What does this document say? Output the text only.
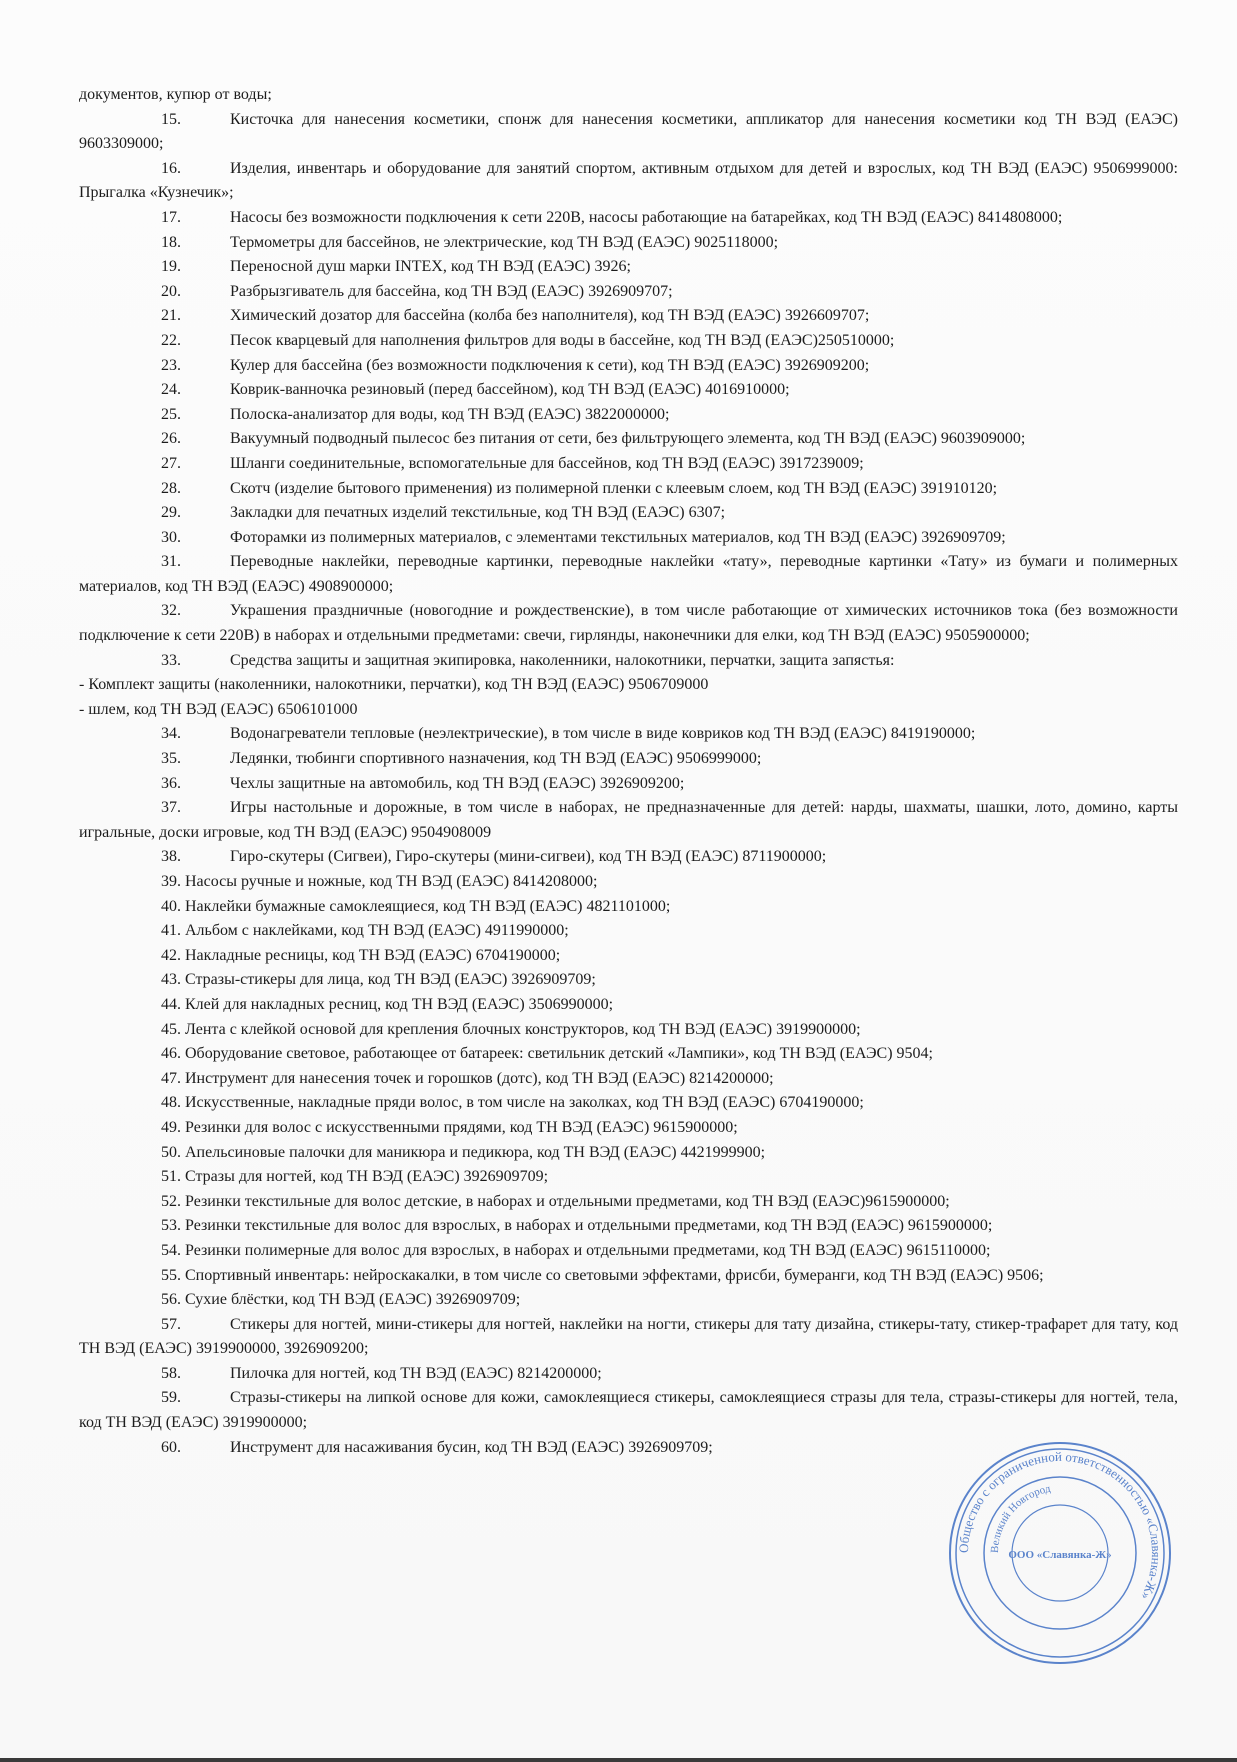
документов, купюр от воды;

15.	Кисточка для нанесения косметики, спонж для нанесения косметики, аппликатор для нанесения косметики код ТН ВЭД (ЕАЭС) 9603309000;

16.	Изделия, инвентарь и оборудование для занятий спортом, активным отдыхом для детей и взрослых, код ТН ВЭД (ЕАЭС) 9506999000: Прыгалка «Кузнечик»;

17.	Насосы без возможности подключения к сети 220В, насосы работающие на батарейках, код ТН ВЭД (ЕАЭС) 8414808000;

18.	Термометры для бассейнов, не электрические, код ТН ВЭД (ЕАЭС) 9025118000;

19.	Переносной душ марки INTEX, код ТН ВЭД (ЕАЭС) 3926;

20.	Разбрызгиватель для бассейна, код ТН ВЭД (ЕАЭС) 3926909707;

21.	Химический дозатор для бассейна (колба без наполнителя), код ТН ВЭД (ЕАЭС) 3926609707;

22.	Песок кварцевый для наполнения фильтров для воды в бассейне, код ТН ВЭД (ЕАЭС)250510000;

23.	Кулер для бассейна (без возможности подключения к сети), код ТН ВЭД (ЕАЭС) 3926909200;

24.	Коврик-ванночка резиновый (перед бассейном), код ТН ВЭД (ЕАЭС) 4016910000;

25.	Полоска-анализатор для воды, код ТН ВЭД (ЕАЭС) 3822000000;

26.	Вакуумный подводный пылесос без питания от сети, без фильтрующего элемента, код ТН ВЭД (ЕАЭС) 9603909000;

27.	Шланги соединительные, вспомогательные для бассейнов, код ТН ВЭД (ЕАЭС) 3917239009;

28.	Скотч (изделие бытового применения) из полимерной пленки с клеевым слоем, код ТН ВЭД (ЕАЭС) 391910120;

29.	Закладки для печатных изделий текстильные, код ТН ВЭД (ЕАЭС) 6307;

30.	Фоторамки из полимерных материалов, с элементами текстильных материалов, код ТН ВЭД (ЕАЭС) 3926909709;

31.	Переводные наклейки, переводные картинки, переводные наклейки «тату», переводные картинки «Тату» из бумаги и полимерных материалов, код ТН ВЭД (ЕАЭС) 4908900000;

32.	Украшения праздничные (новогодние и рождественские), в том числе работающие от химических источников тока (без возможности подключение к сети 220В) в наборах и отдельными предметами: свечи, гирлянды, наконечники для елки, код ТН ВЭД (ЕАЭС) 9505900000;

33.	Средства защиты и защитная экипировка, наколенники, налокотники, перчатки, защита запястья:

- Комплект защиты (наколенники, налокотники, перчатки), код ТН ВЭД (ЕАЭС) 9506709000

- шлем, код ТН ВЭД (ЕАЭС) 6506101000

34.	Водонагреватели тепловые (неэлектрические), в том числе в виде ковриков код ТН ВЭД (ЕАЭС) 8419190000;

35.	Ледянки, тюбинги спортивного назначения, код ТН ВЭД (ЕАЭС) 9506999000;

36.	Чехлы защитные на автомобиль, код ТН ВЭД (ЕАЭС) 3926909200;

37.	Игры настольные и дорожные, в том числе в наборах, не предназначенные для детей: нарды, шахматы, шашки, лото, домино, карты игральные, доски игровые, код ТН ВЭД (ЕАЭС) 9504908009

38.	Гиро-скутеры (Сигвеи), Гиро-скутеры (мини-сигвеи), код ТН ВЭД (ЕАЭС) 8711900000;

39. Насосы ручные и ножные, код ТН ВЭД (ЕАЭС) 8414208000;

40. Наклейки бумажные самоклеящиеся, код ТН ВЭД (ЕАЭС) 4821101000;

41. Альбом с наклейками, код ТН ВЭД (ЕАЭС) 4911990000;

42. Накладные ресницы, код ТН ВЭД (ЕАЭС) 6704190000;

43. Стразы-стикеры для лица, код ТН ВЭД (ЕАЭС) 3926909709;

44. Клей для накладных ресниц, код ТН ВЭД (ЕАЭС) 3506990000;

45. Лента с клейкой основой для крепления блочных конструкторов, код ТН ВЭД (ЕАЭС) 3919900000;

46. Оборудование световое, работающее от батареек: светильник детский «Лампики», код ТН ВЭД (ЕАЭС) 9504;

47. Инструмент для нанесения точек и горошков (дотс), код ТН ВЭД (ЕАЭС) 8214200000;

48. Искусственные, накладные пряди волос, в том числе на заколках, код ТН ВЭД (ЕАЭС) 6704190000;

49. Резинки для волос с искусственными прядями, код ТН ВЭД (ЕАЭС) 9615900000;

50. Апельсиновые палочки для маникюра и педикюра, код ТН ВЭД (ЕАЭС) 4421999900;

51. Стразы для ногтей, код ТН ВЭД (ЕАЭС) 3926909709;

52. Резинки текстильные для волос детские, в наборах и отдельными предметами, код ТН ВЭД (ЕАЭС)9615900000;

53. Резинки текстильные для волос для взрослых, в наборах и отдельными предметами, код ТН ВЭД (ЕАЭС) 9615900000;

54. Резинки полимерные для волос для взрослых, в наборах и отдельными предметами, код ТН ВЭД (ЕАЭС) 9615110000;

55. Спортивный инвентарь: нейроскакалки, в том числе со световыми эффектами, фрисби, бумеранги, код ТН ВЭД (ЕАЭС) 9506;

56. Сухие блёстки, код ТН ВЭД (ЕАЭС) 3926909709;

57.	Стикеры для ногтей, мини-стикеры для ногтей, наклейки на ногти, стикеры для тату дизайна, стикеры-тату, стикер-трафарет для тату, код ТН ВЭД (ЕАЭС) 3919900000, 3926909200;

58.	Пилочка для ногтей, код ТН ВЭД (ЕАЭС) 8214200000;

59.	Стразы-стикеры на липкой основе для кожи, самоклеящиеся стикеры, самоклеящиеся стразы для тела, стразы-стикеры для ногтей, тела, код ТН ВЭД (ЕАЭС) 3919900000;

60.	Инструмент для насаживания бусин, код ТН ВЭД (ЕАЭС) 3926909709;

Общество с ограниченной ответственностью «Славянка-Ж»
Великий Новгород
ООО «Славянка-Ж»
